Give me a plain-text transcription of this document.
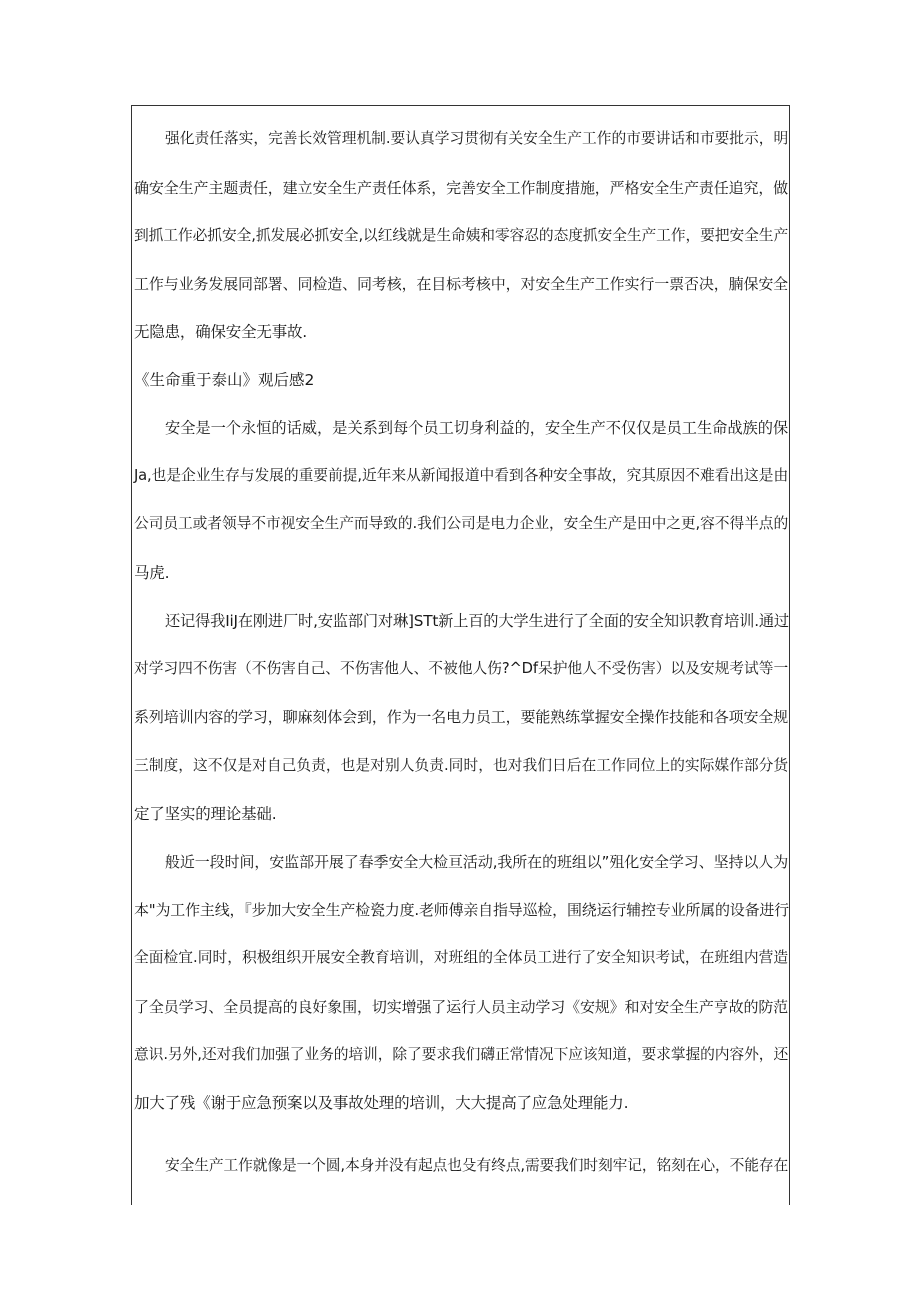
强化责任落实，完善长效管理机制.要认真学习贯彻有关安全生产工作的市要讲话和市要批示，明

确安全生产主题责任，建立安全生产责任体系，完善安全工作制度措施，严格安全生产责任追究，做

到抓工作必抓安全,抓发展必抓安全,以红线就是生命姨和零容忍的态度抓安全生产工作，要把安全生产

工作与业务发展同部署、同检造、同考核，在目标考核中，对安全生产工作实行一票否决，腩保安全

无隐患，确保安全无事故.

《生命重于泰山》观后感2

安全是一个永恒的话威，是关系到每个员工切身利益的，安全生产不仅仅是员工生命战族的保

Ja,也是企业生存与发展的重要前提,近年来从新闻报道中看到各种安全事故，究其原因不难看出这是由

公司员工或者领导不市视安全生产而导致的.我们公司是电力企业，安全生产是田中之更,容不得半点的

马虎.

还记得我IiJ在刚进厂时,安监部门对琳]STt新上百的大学生进行了全面的安全知识教育培训.通过

对学习四不伤害（不伤害自己、不伤害他人、不被他人伤?^Df呆护他人不受伤害）以及安规考试等一

系列培训内容的学习，聊麻刻体会到，作为一名电力员工，要能熟练掌握安全操作技能和各项安全规

三制度，这不仅是对自己负责，也是对别人负责.同时，也对我们日后在工作同位上的实际媒作部分货

定了坚实的理论基础.

般近一段时间，安监部开展了春季安全大检亘活动,我所在的班组以”殂化安全学习、坚持以人为

本"为工作主线，『步加大安全生产检瓷力度.老师傅亲自指导巡检，围绕运行辅控专业所属的设备进行

全面检宜.同时，积极组织开展安全教育培训，对班组的全体员工进行了安全知识考试，在班组内营造

了全员学习、全员提高的良好象围，切实增强了运行人员主动学习《安规》和对安全生产亨故的防范

意识.另外,还对我们加强了业务的培训，除了要求我们礴正常情况下应该知道，要求掌握的内容外，还

加大了残《谢于应急预案以及事故处理的培训，大大提高了应急处理能力.

安全生产工作就像是一个圆,本身并没有起点也殳有终点,需要我们时刻牢记，铭刻在心，不能存在
